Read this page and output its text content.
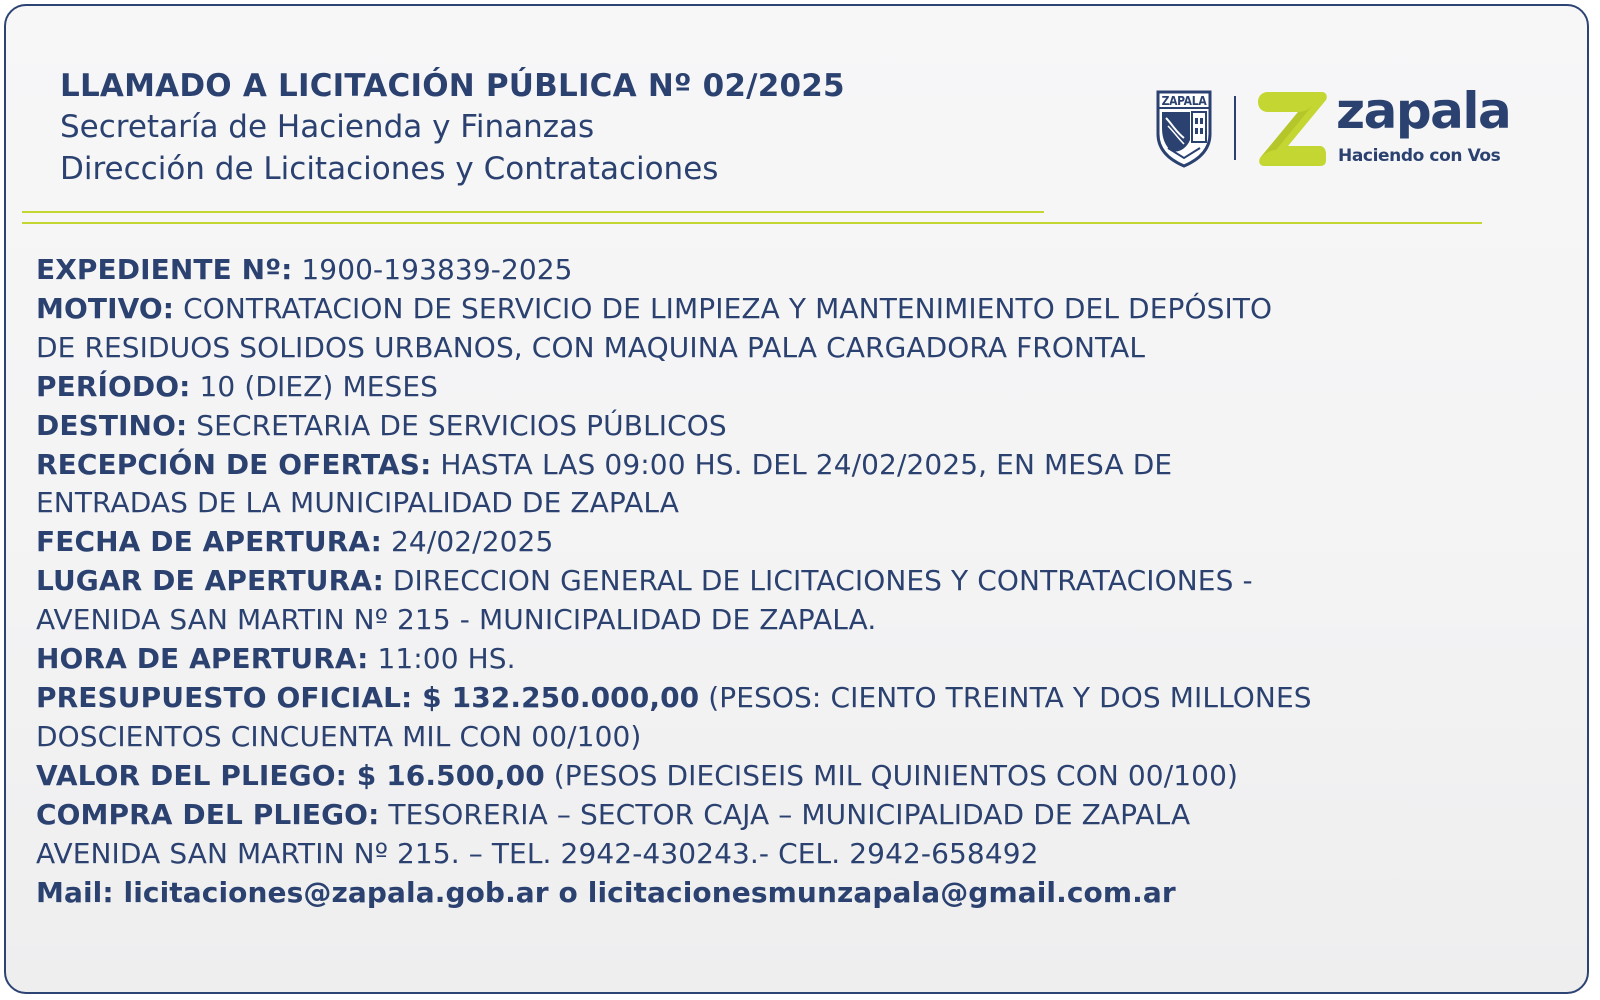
LLAMADO A LICITACIÓN PÚBLICA Nº 02/2025
Secretaría de Hacienda y Finanzas
Dirección de Licitaciones y Contrataciones
ZAPALA	zapala
Haciendo con Vos
EXPEDIENTE Nº: 1900-193839-2025
MOTIVO: CONTRATACION DE SERVICIO DE LIMPIEZA Y MANTENIMIENTO DEL DEPÓSITO
DE RESIDUOS SOLIDOS URBANOS, CON MAQUINA PALA CARGADORA FRONTAL
PERÍODO: 10 (DIEZ) MESES
DESTINO: SECRETARIA DE SERVICIOS PÚBLICOS
RECEPCIÓN DE OFERTAS: HASTA LAS 09:00 HS. DEL 24/02/2025, EN MESA DE
ENTRADAS DE LA MUNICIPALIDAD DE ZAPALA
FECHA DE APERTURA: 24/02/2025
LUGAR DE APERTURA: DIRECCION GENERAL DE LICITACIONES Y CONTRATACIONES -
AVENIDA SAN MARTIN Nº 215 - MUNICIPALIDAD DE ZAPALA.
HORA DE APERTURA: 11:00 HS.
PRESUPUESTO OFICIAL: $ 132.250.000,00 (PESOS: CIENTO TREINTA Y DOS MILLONES
DOSCIENTOS CINCUENTA MIL CON 00/100)
VALOR DEL PLIEGO: $ 16.500,00 (PESOS DIECISEIS MIL QUINIENTOS CON 00/100)
COMPRA DEL PLIEGO: TESORERIA – SECTOR CAJA – MUNICIPALIDAD DE ZAPALA
AVENIDA SAN MARTIN Nº 215. – TEL. 2942-430243.- CEL. 2942-658492
Mail: licitaciones@zapala.gob.ar o licitacionesmunzapala@gmail.com.ar
